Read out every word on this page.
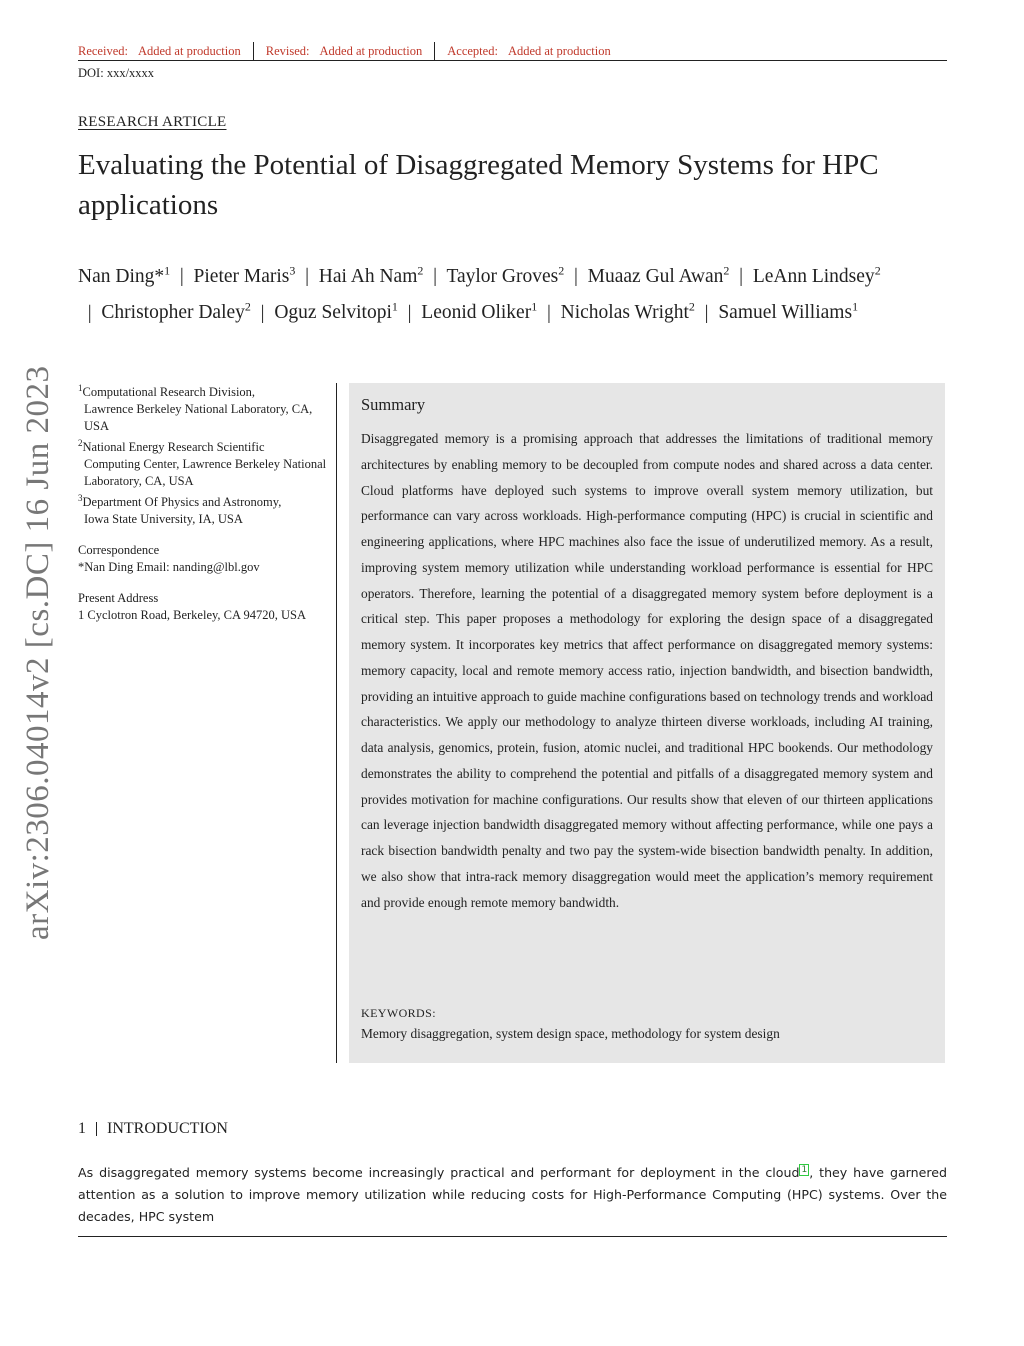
Received: Added at production Revised: Added at production Accepted: Added at production
DOI: xxx/xxxx
RESEARCH ARTICLE
Evaluating the Potential of Disaggregated Memory Systems for HPC applications
Nan Ding*$^1$  |  Pieter Maris$^3$  |  Hai Ah Nam$^2$  |  Taylor Groves$^2$  |  Muaaz Gul Awan$^2$  |  LeAnn Lindsey$^2$  |  Christopher Daley$^2$  |  Oguz Selvitopi$^1$  |  Leonid Oliker$^1$  |  Nicholas Wright$^2$  |  Samuel Williams$^1$
arXiv:2306.04014v2 [cs.DC] 16 Jun 2023	$^1$Computational Research Division,
Lawrence Berkeley National Laboratory, CA, USA
$^2$National Energy Research Scientific
Computing Center, Lawrence Berkeley National Laboratory, CA, USA
$^3$Department Of Physics and Astronomy,
Iowa State University, IA, USA
Correspondence
*Nan Ding Email: nanding@lbl.gov
Present Address
1 Cyclotron Road, Berkeley, CA 94720, USA
Summary

Disaggregated memory is a promising approach that addresses the limitations of traditional memory architectures by enabling memory to be decoupled from compute nodes and shared across a data center. Cloud platforms have deployed such systems to improve overall system memory utilization, but performance can vary across workloads. High-performance computing (HPC) is crucial in scientific and engineering applications, where HPC machines also face the issue of underutilized memory. As a result, improving system memory utilization while understanding workload performance is essential for HPC operators. Therefore, learning the potential of a disaggregated memory system before deployment is a critical step. This paper proposes a methodology for exploring the design space of a disaggregated memory system. It incorporates key metrics that affect performance on disaggregated memory systems: memory capacity, local and remote memory access ratio, injection bandwidth, and bisection bandwidth, providing an intuitive approach to guide machine configurations based on technology trends and workload characteristics. We apply our methodology to analyze thirteen diverse workloads, including AI training, data analysis, genomics, protein, fusion, atomic nuclei, and traditional HPC bookends. Our methodology demonstrates the ability to comprehend the potential and pitfalls of a disaggregated memory system and provides motivation for machine configurations. Our results show that eleven of our thirteen applications can leverage injection bandwidth disaggregated memory without affecting performance, while one pays a rack bisection bandwidth penalty and two pay the system-wide bisection bandwidth penalty. In addition, we also show that intra-rack memory disaggregation would meet the application’s memory requirement and provide enough remote memory bandwidth.

KEYWORDS:
Memory disaggregation, system design space, methodology for system design
1 INTRODUCTION

As disaggregated memory systems become increasingly practical and performant for deployment in the cloud $^1$ , they have garnered attention as a solution to improve memory utilization while reducing costs for High-Performance Computing (HPC) systems. Over the decades, HPC system
